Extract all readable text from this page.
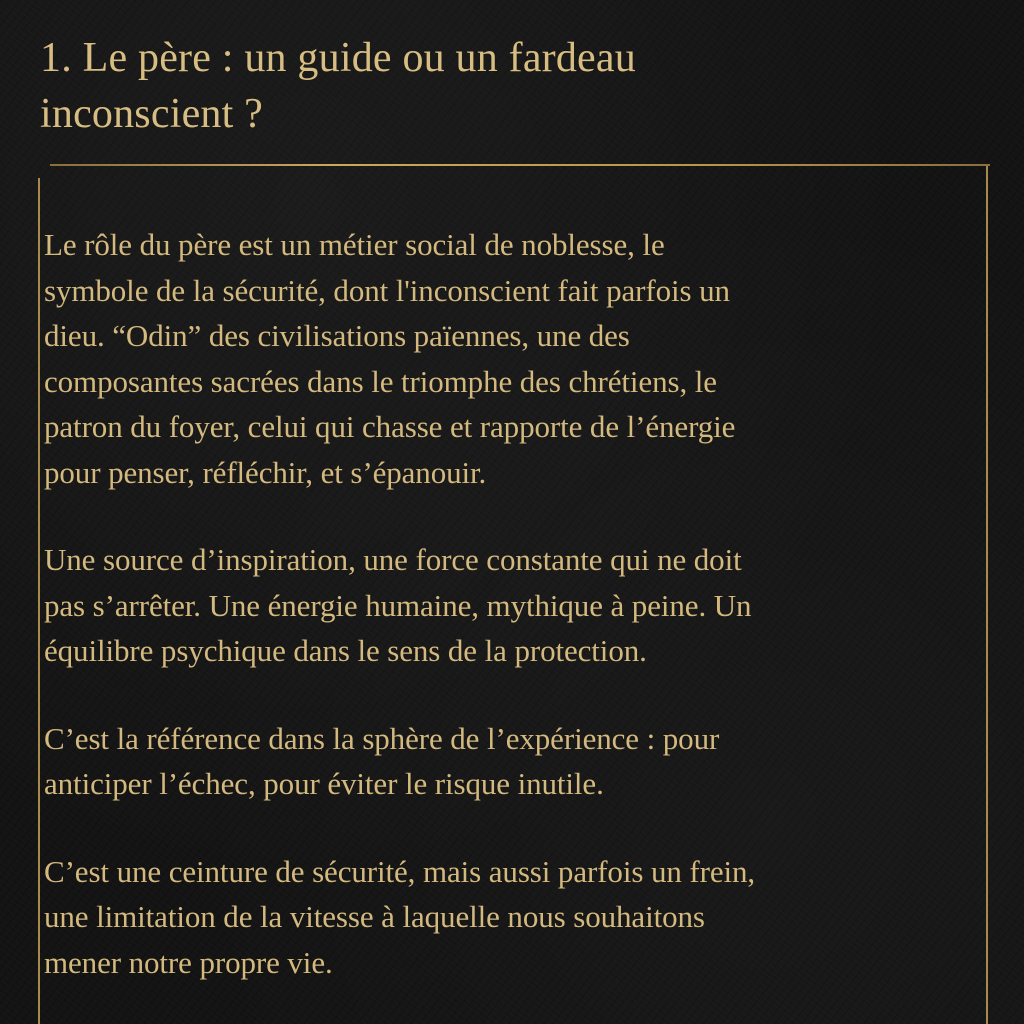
1. Le père : un guide ou un fardeau
inconscient ?

Le rôle du père est un métier social de noblesse, le
symbole de la sécurité, dont l'inconscient fait parfois un
dieu. “Odin” des civilisations païennes, une des
composantes sacrées dans le triomphe des chrétiens, le
patron du foyer, celui qui chasse et rapporte de l’énergie
pour penser, réfléchir, et s’épanouir.

Une source d’inspiration, une force constante qui ne doit
pas s’arrêter. Une énergie humaine, mythique à peine. Un
équilibre psychique dans le sens de la protection.

C’est la référence dans la sphère de l’expérience : pour
anticiper l’échec, pour éviter le risque inutile.

C’est une ceinture de sécurité, mais aussi parfois un frein,
une limitation de la vitesse à laquelle nous souhaitons
mener notre propre vie.
